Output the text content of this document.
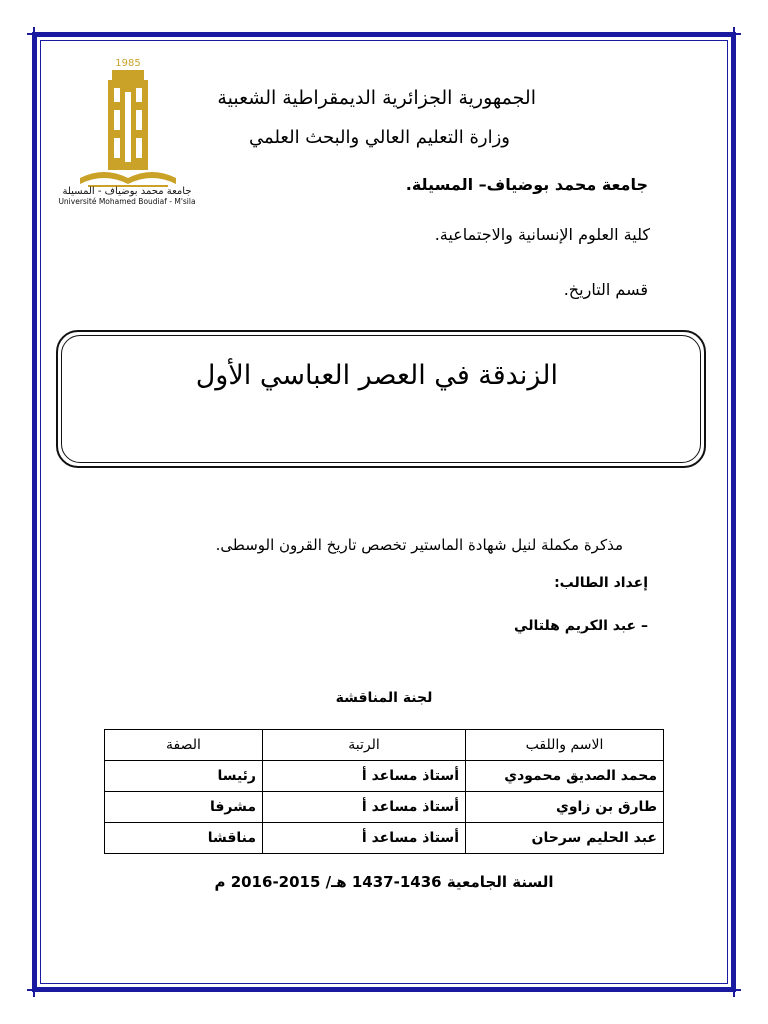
1985
جامعة محمد بوضياف - المسيلة
Université Mohamed Boudiaf - M'sila
الجمهورية الجزائرية الديمقراطية الشعبية
وزارة التعليم العالي والبحث العلمي
جامعة محمد بوضياف– المسيلة.
كلية العلوم الإنسانية والاجتماعية.
قسم التاريخ.
الزندقة في العصر العباسي الأول
مذكرة مكملة لنيل شهادة الماستير تخصص تاريخ القرون الوسطى.
إعداد الطالب:
– عبد الكريم هلتالي
لجنة المناقشة
الاسم واللقب	الرتبة	الصفة
محمد الصديق محمودي	أستاذ مساعد أ	رئيسا
طارق بن زاوي	أستاذ مساعد أ	مشرفا
عبد الحليم سرحان	أستاذ مساعد أ	مناقشا
السنة الجامعية 1436-1437 هـ/ 2015-2016 م
